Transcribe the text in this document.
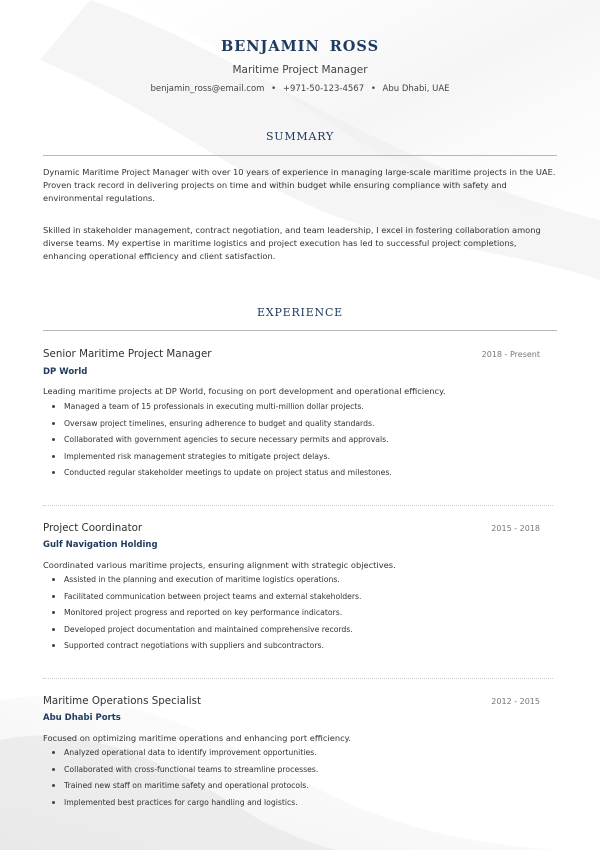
BENJAMIN ROSS
Maritime Project Manager
benjamin_ross@email.com • +971-50-123-4567 • Abu Dhabi, UAE
SUMMARY
Dynamic Maritime Project Manager with over 10 years of experience in managing large-scale maritime projects in the UAE. Proven track record in delivering projects on time and within budget while ensuring compliance with safety and environmental regulations.
Skilled in stakeholder management, contract negotiation, and team leadership, I excel in fostering collaboration among diverse teams. My expertise in maritime logistics and project execution has led to successful project completions, enhancing operational efficiency and client satisfaction.
EXPERIENCE
Senior Maritime Project Manager	2018 - Present
DP World
Leading maritime projects at DP World, focusing on port development and operational efficiency.
Managed a team of 15 professionals in executing multi-million dollar projects.
Oversaw project timelines, ensuring adherence to budget and quality standards.
Collaborated with government agencies to secure necessary permits and approvals.
Implemented risk management strategies to mitigate project delays.
Conducted regular stakeholder meetings to update on project status and milestones.
Project Coordinator	2015 - 2018
Gulf Navigation Holding
Coordinated various maritime projects, ensuring alignment with strategic objectives.
Assisted in the planning and execution of maritime logistics operations.
Facilitated communication between project teams and external stakeholders.
Monitored project progress and reported on key performance indicators.
Developed project documentation and maintained comprehensive records.
Supported contract negotiations with suppliers and subcontractors.
Maritime Operations Specialist	2012 - 2015
Abu Dhabi Ports
Focused on optimizing maritime operations and enhancing port efficiency.
Analyzed operational data to identify improvement opportunities.
Collaborated with cross-functional teams to streamline processes.
Trained new staff on maritime safety and operational protocols.
Implemented best practices for cargo handling and logistics.
